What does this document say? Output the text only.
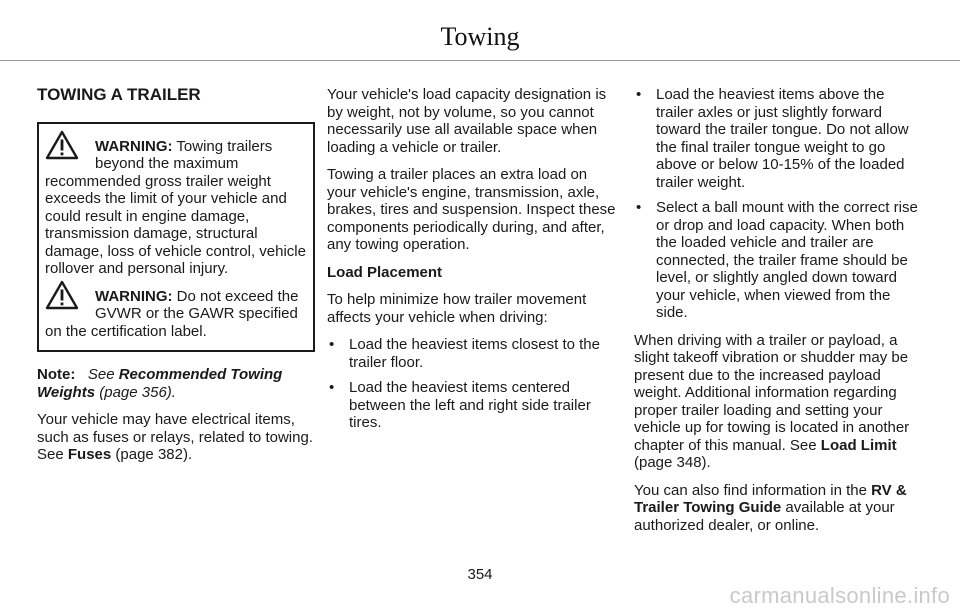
Towing
TOWING A TRAILER

WARNING: Towing trailers beyond the maximum recommended gross trailer weight exceeds the limit of your vehicle and could result in engine damage, transmission damage, structural damage, loss of vehicle control, vehicle rollover and personal injury.

WARNING: Do not exceed the GVWR or the GAWR specified on the certification label.

Note: See Recommended Towing Weights (page 356).

Your vehicle may have electrical items, such as fuses or relays, related to towing. See Fuses (page 382).

Your vehicle's load capacity designation is by weight, not by volume, so you cannot necessarily use all available space when loading a vehicle or trailer.

Towing a trailer places an extra load on your vehicle's engine, transmission, axle, brakes, tires and suspension. Inspect these components periodically during, and after, any towing operation.

Load Placement

To help minimize how trailer movement affects your vehicle when driving:

• Load the heaviest items closest to the trailer floor.
• Load the heaviest items centered between the left and right side trailer tires.
• Load the heaviest items above the trailer axles or just slightly forward toward the trailer tongue. Do not allow the final trailer tongue weight to go above or below 10-15% of the loaded trailer weight.
• Select a ball mount with the correct rise or drop and load capacity. When both the loaded vehicle and trailer are connected, the trailer frame should be level, or slightly angled down toward your vehicle, when viewed from the side.

When driving with a trailer or payload, a slight takeoff vibration or shudder may be present due to the increased payload weight. Additional information regarding proper trailer loading and setting your vehicle up for towing is located in another chapter of this manual. See Load Limit (page 348).

You can also find information in the RV & Trailer Towing Guide available at your authorized dealer, or online.

354
carmanualsonline.info
